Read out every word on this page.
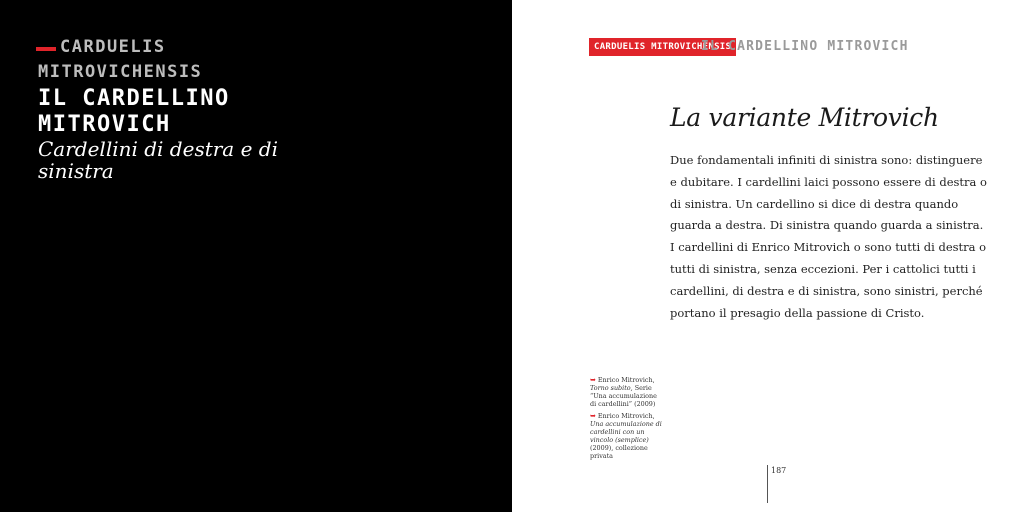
CARDUELIS
MITROVICHENSIS
IL CARDELLINO
MITROVICH
Cardellini di destra e di sinistra
CARDUELIS MITROVICHENSIS
IL CARDELLINO MITROVICH
La variante Mitrovich
Due fondamentali infiniti di sinistra sono: distinguere e dubitare. I cardellini laici possono essere di destra o di sinistra. Un cardellino si dice di destra quando guarda a destra. Di sinistra quando guarda a sinistra. I cardellini di Enrico Mitrovich o sono tutti di destra o tutti di sinistra, senza eccezioni. Per i cattolici tutti i cardellini, di destra e di sinistra, sono sinistri, perché portano il presagio della passione di Cristo.
➥ Enrico Mitrovich, Torno subito, Serie “Una accumulazione di cardellini” (2009)
➥ Enrico Mitrovich, Una accumulazione di cardellini con un vincolo (semplice) (2009), collezione privata
187
